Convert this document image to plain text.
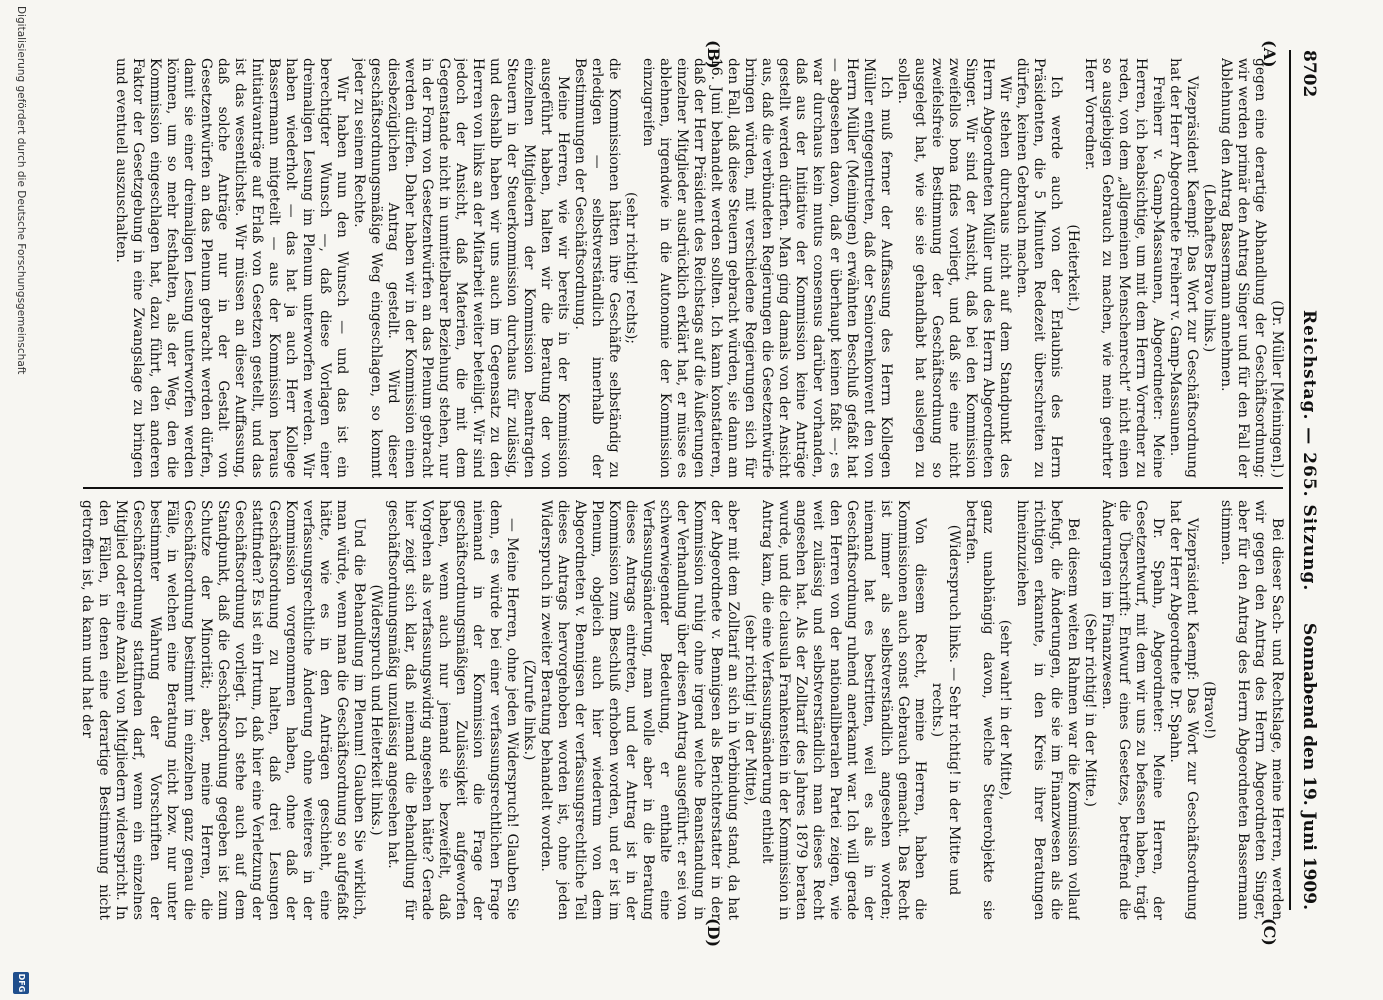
8702
Reichstag. — 265. Sitzung.
Sonnabend den 19. Juni 1909.
(A)
(B)
(C)
(D)

(Dr. Müller [Meiningen].)

gegen eine derartige Abhandlung der Geschäftsordnung; wir werden primär den Antrag Singer und für den Fall der Ablehnung den Antrag Bassermann annehmen.

(Lebhaftes Bravo links.)

Vizepräsident Kaempf: Das Wort zur Geschäftsordnung hat der Herr Abgeordnete Freiherr v. Gamp-Massaunen.

Freiherr v. Gamp-Massaunen, Abgeordneter: Meine Herren, ich beabsichtige, um mit dem Herrn Vorredner zu reden, von dem „allgemeinen Menschenrecht“ nicht einen so ausgiebigen Gebrauch zu machen, wie mein geehrter Herr Vorredner.

(Heiterkeit.)

Ich werde auch von der Erlaubnis des Herrn Präsidenten, die 5 Minuten Redezeit überschreiten zu dürfen, keinen Gebrauch machen.

Wir stehen durchaus nicht auf dem Standpunkt des Herrn Abgeordneten Müller und des Herrn Abgeordneten Singer. Wir sind der Ansicht, daß bei den Kommission zweifellos bona fides vorliegt, und daß sie eine nicht zweifelsfreie Bestimmung der Geschäftsordnung so ausgelegt hat, wie sie sie gehandhabt hat auslegen zu sollen.

Ich muß ferner der Auffassung des Herrn Kollegen Müller entgegentreten, daß der Seniorenkonvent den von Herrn Müller (Meiningen) erwähnten Beschluß gefaßt hat — abgesehen davon, daß er überhaupt keinen faßt —; es war durchaus kein mutus consensus darüber vorhanden, daß aus der Initiative der Kommission keine Anträge gestellt werden dürften. Man ging damals von der Ansicht aus, daß die verbündeten Regierungen die Gesetzentwürfe bringen würden, mit verschiedene Regierungen sich für den Fall, daß diese Steuern gebracht würden, sie dann am 16. Juni behandelt werden sollten. Ich kann konstatieren, daß der Herr Präsident des Reichstags auf die Äußerungen einzelner Mitglieder ausdrücklich erklärt hat, er müsse es ablehnen, irgendwie in die Autonomie der Kommission einzugreifen

(sehr richtig! rechts);

die Kommissionen hätten ihre Geschäfte selbständig zu erledigen — selbstverständlich innerhalb der Bestimmungen der Geschäftsordnung.

Meine Herren, wie wir bereits in der Kommission ausgeführt haben, halten wir die Beratung der von einzelnen Mitgliedern der Kommission beantragten Steuern in der Steuerkommission durchaus für zulässig, und deshalb haben wir uns auch im Gegensatz zu den Herren von links an der Mitarbeit weiter beteiligt. Wir sind jedoch der Ansicht, daß Materien, die mit dem Gegenstande nicht in unmittelbarer Beziehung stehen, nur in der Form von Gesetzentwürfen an das Plenum gebracht werden dürfen. Daher haben wir in der Kommission einen diesbezüglichen Antrag gestellt. Wird dieser geschäftsordnungsmäßige Weg eingeschlagen, so kommt jeder zu seinem Rechte.

Wir haben nun den Wunsch — und das ist ein berechtigter Wunsch —, daß diese Vorlagen einer dreimaligen Lesung im Plenum unterworfen werden. Wir haben wiederholt — das hat ja auch Herr Kollege Bassermann mitgeteilt — aus der Kommission heraus Initiativanträge auf Erlaß von Gesetzen gestellt, und das ist das wesentlichste. Wir müssen an dieser Auffassung, daß solche Anträge nur in der Gestalt von Gesetzentwürfen an das Plenum gebracht werden dürfen, damit sie einer dreimaligen Lesung unterworfen werden können, um so mehr festhalten, als der Weg, den die Kommission eingeschlagen hat, dazu führt, den anderen Faktor der Gesetzgebung in eine Zwangslage zu bringen und eventuell auszuschalten.

Bei dieser Sach- und Rechtslage, meine Herren, werden wir gegen den Antrag des Herrn Abgeordneten Singer, aber für den Antrag des Herrn Abgeordneten Bassermann stimmen.

(Bravo!)

Vizepräsident Kaempf: Das Wort zur Geschäftsordnung hat der Herr Abgeordnete Dr. Spahn.

Dr. Spahn, Abgeordneter: Meine Herren, der Gesetzentwurf, mit dem wir uns zu befassen haben, trägt die Überschrift: Entwurf eines Gesetzes, betreffend die Änderungen im Finanzwesen.

(Sehr richtig! in der Mitte.)

Bei diesem weiten Rahmen war die Kommission vollauf befugt, die Änderungen, die sie im Finanzwesen als die richtigen erkannte, in den Kreis ihrer Beratungen hineinzuziehen

(sehr wahr! in der Mitte),

ganz unabhängig davon, welche Steuerobjekte sie betrafen.

(Widerspruch links. — Sehr richtig! in der Mitte und rechts.)

Von diesem Recht, meine Herren, haben die Kommissionen auch sonst Gebrauch gemacht. Das Recht ist immer als selbstverständlich angesehen worden; niemand hat es bestritten, weil es als in der Geschäftsordnung ruhend anerkannt war. Ich will gerade den Herren von der nationalliberalen Partei zeigen, wie weit zulässig und selbstverständlich man dieses Recht angesehen hat. Als der Zolltarif des Jahres 1879 beraten wurde, und die clausula Frankenstein in der Kommission in Antrag kam, die eine Verfassungsänderung enthielt

(sehr richtig! in der Mitte),

aber mit dem Zolltarif an sich in Verbindung stand, da hat der Abgeordnete v. Bennigsen als Berichterstatter in der Kommission ruhig ohne irgend welche Beanstandung in der Verhandlung über diesen Antrag ausgeführt: er sei von schwerwiegender Bedeutung, er enthalte eine Verfassungsänderung, man wolle aber in die Beratung dieses Antrags eintreten, und der Antrag ist in der Kommission zum Beschluß erhoben worden, und er ist im Plenum, obgleich auch hier wiederum von dem Abgeordneten v. Bennigsen der verfassungsrechtliche Teil dieses Antrags hervorgehoben worden ist, ohne jeden Widerspruch in zweiter Beratung behandelt worden.

(Zurufe links.)

— Meine Herren, ohne jeden Widerspruch! Glauben Sie denn, es würde bei einer verfassungsrechtlichen Frage niemand in der Kommission die Frage der geschäftsordnungsmäßigen Zulässigkeit aufgeworfen haben, wenn auch nur jemand sie bezweifelt, daß Vorgehen als verfassungswidrig angesehen hätte? Gerade hier zeigt sich klar, daß niemand die Behandlung für geschäftsordnungsmäßig unzulässig angesehen hat.

(Widerspruch und Heiterkeit links.)

Und die Behandlung im Plenum! Glauben Sie wirklich, man würde, wenn man die Geschäftsordnung so aufgefaßt hätte, wie es in den Anträgen geschieht, eine verfassungsrechtliche Änderung ohne weiteres in der Kommission vorgenommen haben, ohne daß der Geschäftsordnung zu halten, daß drei Lesungen stattfinden? Es ist ein Irrtum, daß hier eine Verletzung der Geschäftsordnung vorliegt. Ich stehe auch auf dem Standpunkt, daß die Geschäftsordnung gegeben ist zum Schutze der Minorität; aber, meine Herren, die Geschäftsordnung bestimmt im einzelnen ganz genau die Fälle, in welchen eine Beratung nicht bzw. nur unter bestimmter Wahrung der Vorschriften der Geschäftsordnung stattfinden darf, wenn ein einzelnes Mitglied oder eine Anzahl von Mitgliedern widerspricht. In den Fällen, in denen eine derartige Bestimmung nicht getroffen ist, da kann und hat der

Digitalisierung gefördert durch die Deutsche Forschungsgemeinschaft
DFG
